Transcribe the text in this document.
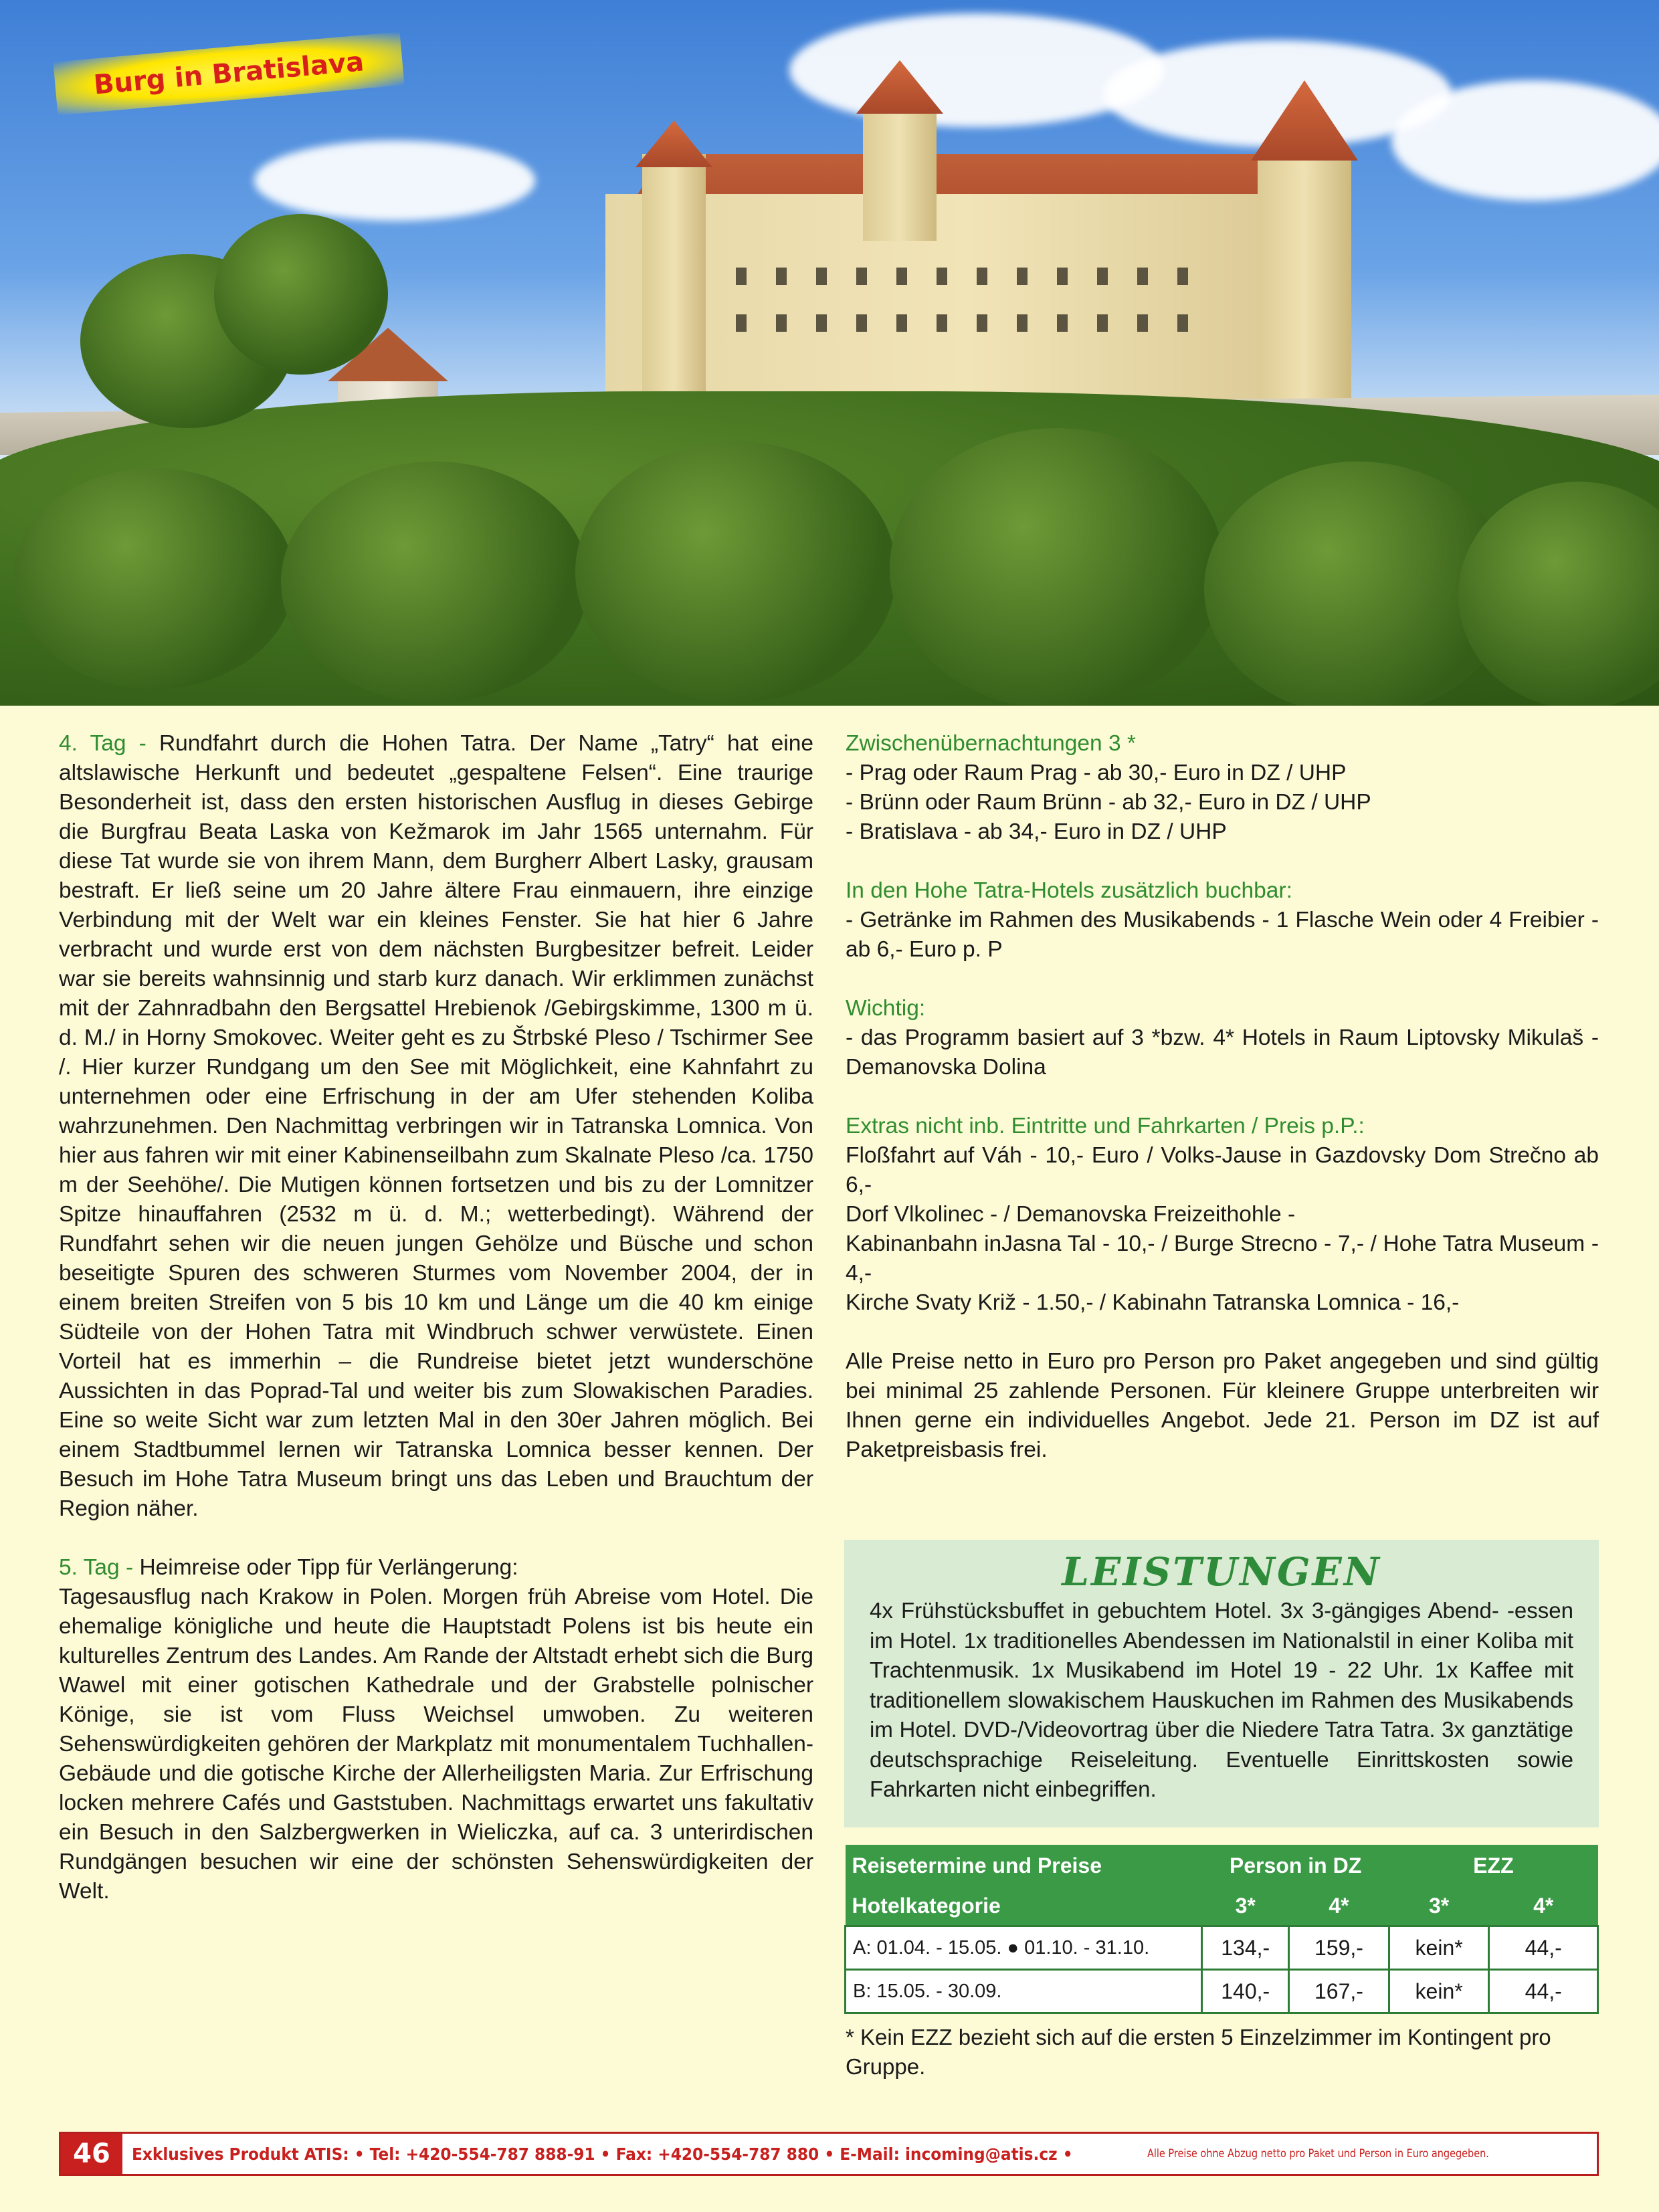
Burg in Bratislava

4. Tag - Rundfahrt durch die Hohen Tatra. Der Name „Tatry“ hat eine altslawische Herkunft und bedeutet „gespaltene Felsen“. Eine traurige Besonderheit ist, dass den ersten historischen Ausflug in dieses Gebirge die Burgfrau Beata Laska von Kežmarok im Jahr 1565 unternahm. Für diese Tat wurde sie von ihrem Mann, dem Burgherr Albert Lasky, grausam bestraft. Er ließ seine um 20 Jahre ältere Frau einmauern, ihre einzige Verbindung mit der Welt war ein kleines Fenster. Sie hat hier 6 Jahre verbracht und wurde erst von dem nächsten Burgbesitzer befreit. Leider war sie bereits wahnsinnig und starb kurz danach. Wir erklimmen zunächst mit der Zahnradbahn den Bergsattel Hrebienok /Gebirgskimme, 1300 m ü. d. M./ in Horny Smokovec. Weiter geht es zu Štrbské Pleso / Tschirmer See /. Hier kurzer Rundgang um den See mit Möglichkeit, eine Kahnfahrt zu unternehmen oder eine Erfrischung in der am Ufer stehenden Koliba wahrzunehmen. Den Nachmittag verbringen wir in Tatranska Lomnica. Von hier aus fahren wir mit einer Kabinenseilbahn zum Skalnate Pleso /ca. 1750 m der Seehöhe/. Die Mutigen können fortsetzen und bis zu der Lomnitzer Spitze hinauffahren (2532 m ü. d. M.; wetterbedingt). Während der Rundfahrt sehen wir die neuen jungen Gehölze und Büsche und schon beseitigte Spuren des schweren Sturmes vom November 2004, der in einem breiten Streifen von 5 bis 10 km und Länge um die 40 km einige Südteile von der Hohen Tatra mit Windbruch schwer verwüstete. Einen Vorteil hat es immerhin – die Rundreise bietet jetzt wunderschöne Aussichten in das Poprad-Tal und weiter bis zum Slowakischen Paradies. Eine so weite Sicht war zum letzten Mal in den 30er Jahren möglich. Bei einem Stadtbummel lernen wir Tatranska Lomnica besser kennen. Der Besuch im Hohe Tatra Museum bringt uns das Leben und Brauchtum der Region näher.

5. Tag - Heimreise oder Tipp für Verlängerung:

Tagesausflug nach Krakow in Polen. Morgen früh Abreise vom Hotel. Die ehemalige königliche und heute die Hauptstadt Polens ist bis heute ein kulturelles Zentrum des Landes. Am Rande der Altstadt erhebt sich die Burg Wawel mit einer gotischen Kathedrale und der Grabstelle polnischer Könige, sie ist vom Fluss Weichsel umwoben. Zu weiteren Sehenswürdigkeiten gehören der Markplatz mit monumentalem Tuchhallen-Gebäude und die gotische Kirche der Allerheiligsten Maria. Zur Erfrischung locken mehrere Cafés und Gaststuben. Nachmittags erwartet uns fakultativ ein Besuch in den Salzbergwerken in Wieliczka, auf ca. 3 unterirdischen Rundgängen besuchen wir eine der schönsten Sehenswürdigkeiten der Welt.

Zwischenübernachtungen 3 *

- Prag oder Raum Prag - ab 30,- Euro in DZ / UHP

- Brünn oder Raum Brünn - ab 32,- Euro in DZ / UHP

- Bratislava - ab 34,- Euro in DZ / UHP

In den Hohe Tatra-Hotels zusätzlich buchbar:

- Getränke im Rahmen des Musikabends - 1 Flasche Wein oder 4 Freibier - ab 6,- Euro p. P

Wichtig:

- das Programm basiert auf 3 *bzw. 4* Hotels in Raum Liptovsky Mikulaš - Demanovska Dolina

Extras nicht inb. Eintritte und Fahrkarten / Preis p.P.:

Floßfahrt auf Váh - 10,- Euro / Volks-Jause in Gazdovsky Dom Strečno ab 6,-

Dorf Vlkolinec - / Demanovska Freizeithohle -

Kabinanbahn inJasna Tal - 10,- / Burge Strecno - 7,- / Hohe Tatra Museum - 4,-

Kirche Svaty Križ - 1.50,- / Kabinahn Tatranska Lomnica - 16,-

Alle Preise netto in Euro pro Person pro Paket angegeben und sind gültig bei minimal 25 zahlende Personen. Für kleinere Gruppe unterbreiten wir Ihnen gerne ein individuelles Angebot. Jede 21. Person im DZ ist auf Paketpreisbasis frei.

LEISTUNGEN

4x Frühstücksbuffet in gebuchtem Hotel. 3x 3-gängiges Abend- -essen im Hotel. 1x traditionelles Abendessen im Nationalstil in einer Koliba mit Trachtenmusik. 1x Musikabend im Hotel 19 - 22 Uhr. 1x Kaffee mit traditionellem slowakischem Hauskuchen im Rahmen des Musikabends im Hotel. DVD-/Videovortrag über die Niedere Tatra Tatra. 3x ganztätige deutschsprachige Reiseleitung. Eventuelle Einrittskosten sowie Fahrkarten nicht einbegriffen.

Reisetermine und Preise	Person in DZ		EZZ	
Hotelkategorie	3*	4*	3*	4*
A: 01.04. - 15.05. ● 01.10. - 31.10.	134,-	159,-	kein*	44,-
B: 15.05. - 30.09.	140,-	167,-	kein*	44,-

* Kein EZZ bezieht sich auf die ersten 5 Einzelzimmer im Kontingent pro Gruppe.

46	Exklusives Produkt ATIS: • Tel: +420-554-787 888-91 • Fax: +420-554-787 880 • E-Mail: incoming@atis.cz •	Alle Preise ohne Abzug netto pro Paket und Person in Euro angegeben.
